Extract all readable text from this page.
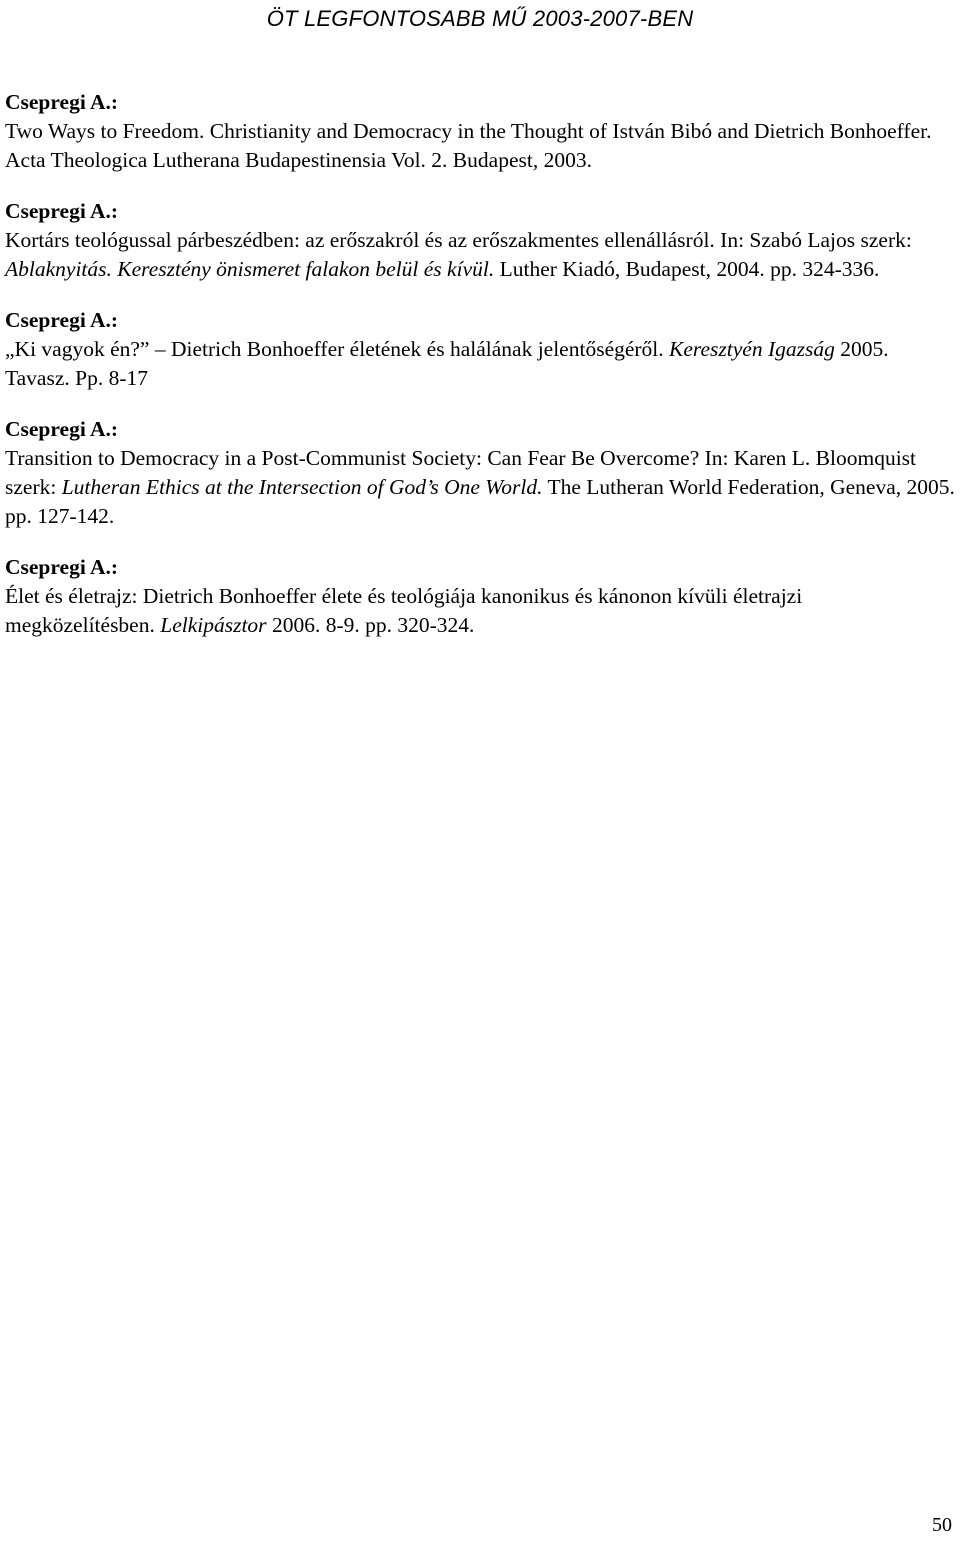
ÖT LEGFONTOSABB MŰ 2003-2007-BEN
Csepregi A.:
Two Ways to Freedom. Christianity and Democracy in the Thought of István Bibó and Dietrich Bonhoeffer. Acta Theologica Lutherana Budapestinensia Vol. 2. Budapest, 2003.
Csepregi A.:
Kortárs teológussal párbeszédben: az erőszakról és az erőszakmentes ellenállásról. In: Szabó Lajos szerk: Ablaknyitás. Keresztény önismeret falakon belül és kívül. Luther Kiadó, Budapest, 2004. pp. 324-336.
Csepregi A.:
„Ki vagyok én?” – Dietrich Bonhoeffer életének és halálának jelentőségéről. Keresztyén Igazság 2005. Tavasz. Pp. 8-17
Csepregi A.:
Transition to Democracy in a Post-Communist Society: Can Fear Be Overcome? In: Karen L. Bloomquist szerk: Lutheran Ethics at the Intersection of God’s One World. The Lutheran World Federation, Geneva, 2005. pp. 127-142.
Csepregi A.:
Élet és életrajz: Dietrich Bonhoeffer élete és teológiája kanonikus és kánonon kívüli életrajzi megközelítésben. Lelkipásztor 2006. 8-9. pp. 320-324.
50
